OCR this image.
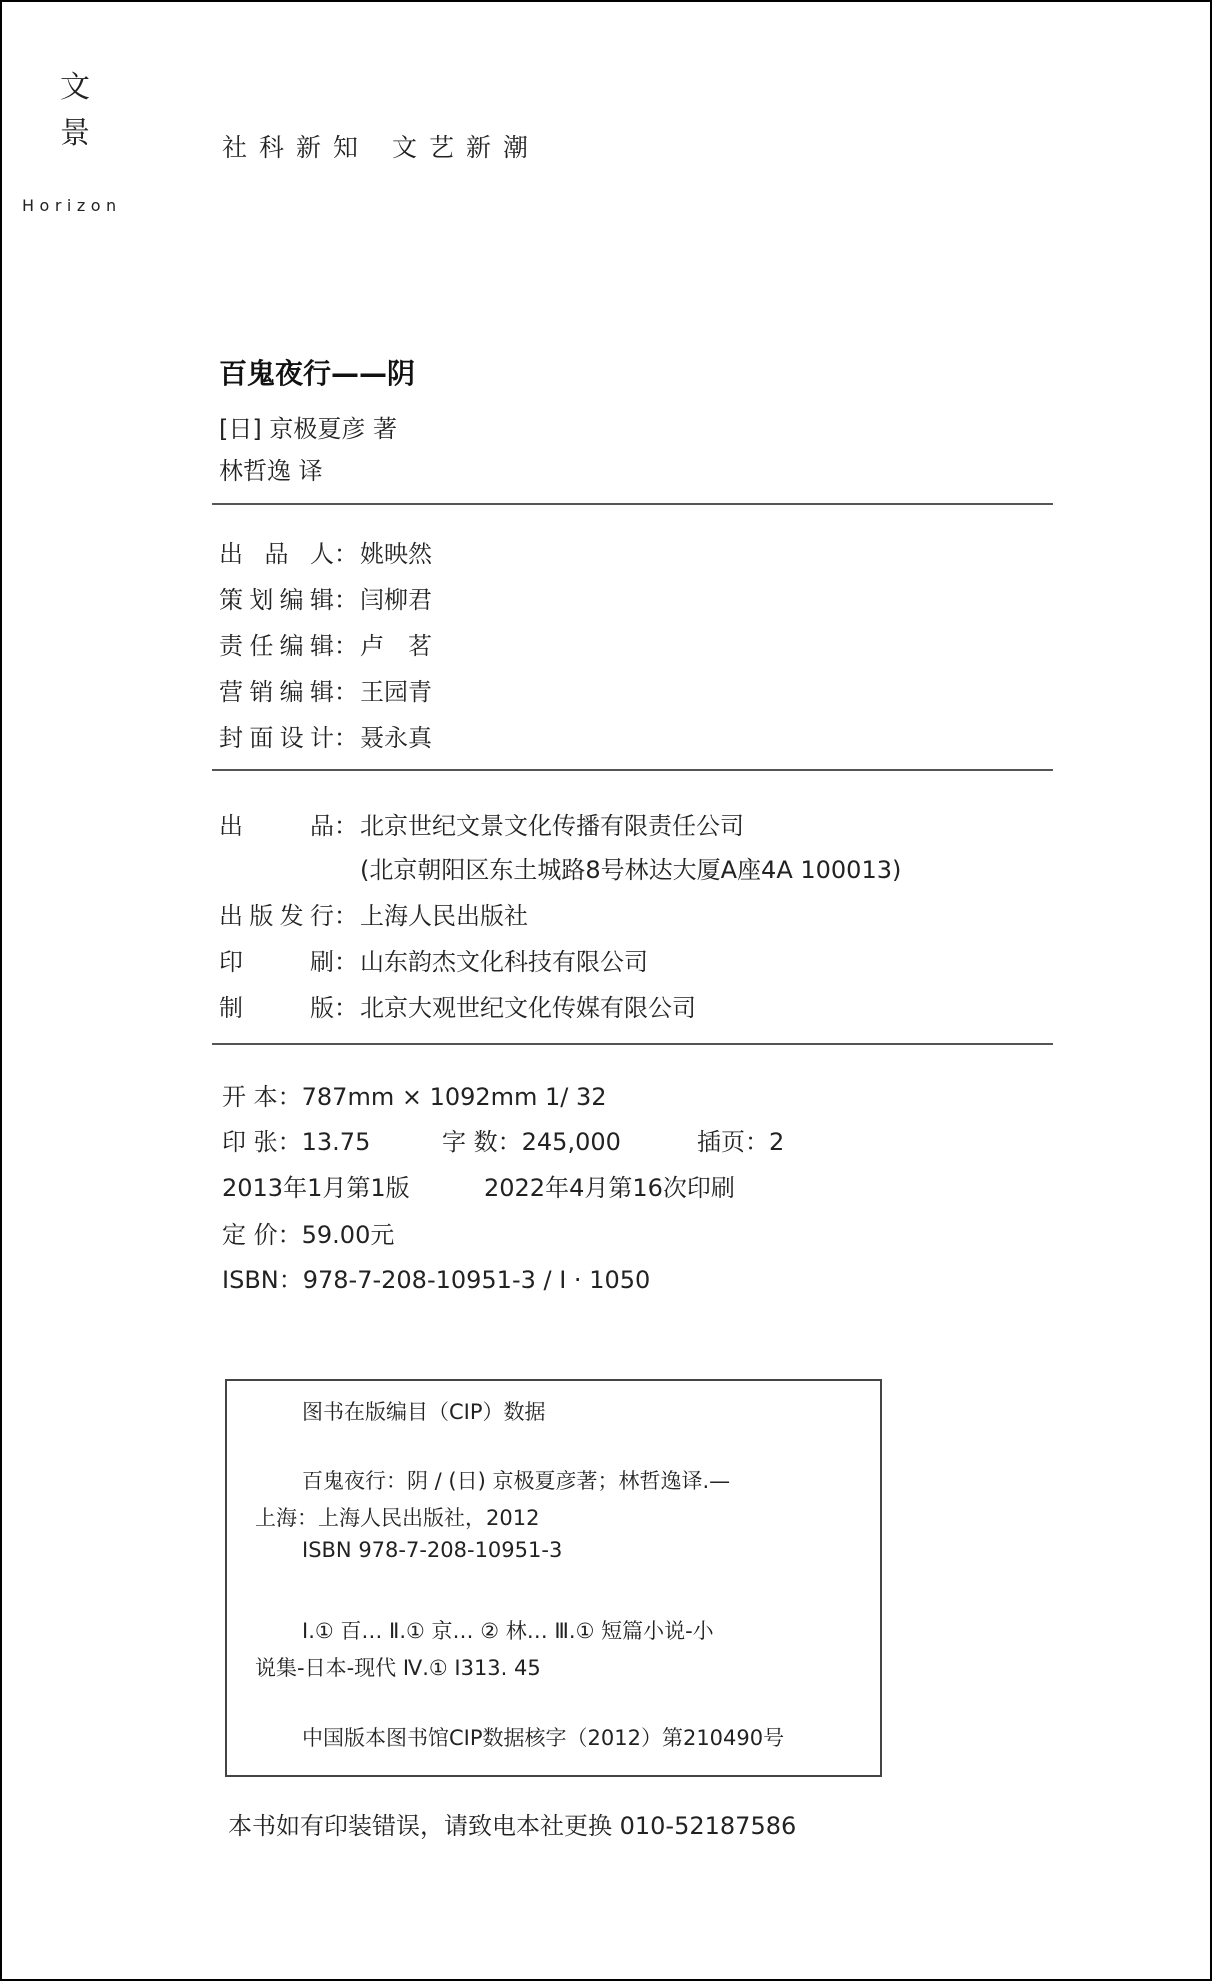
文
景
Horizon
社科新知 文艺新潮
百鬼夜行——阴
[日] 京极夏彦 著
林哲逸 译
出 品 人 ： 姚映然
策划编辑 ： 闫柳君
责任编辑 ： 卢　茗
营销编辑 ： 王园青
封面设计 ： 聂永真
出　　品 ： 北京世纪文景文化传播有限责任公司
(北京朝阳区东土城路8号林达大厦A座4A 100013)
出版发行 ： 上海人民出版社
印　　刷 ： 山东韵杰文化科技有限公司
制　　版 ： 北京大观世纪文化传媒有限公司
开 本：787mm × 1092mm 1/ 32
印 张：13.75	字 数：245,000	插页：2
2013年1月第1版	2022年4月第16次印刷
定 价：59.00元
ISBN：978-7-208-10951-3 / I · 1050
图书在版编目（CIP）数据
百鬼夜行：阴 / (日) 京极夏彦著；林哲逸译.—
上海：上海人民出版社，2012
ISBN 978-7-208-10951-3
Ⅰ.① 百… Ⅱ.① 京… ② 林… Ⅲ.① 短篇小说-小
说集-日本-现代 Ⅳ.① I313. 45
中国版本图书馆CIP数据核字（2012）第210490号
本书如有印装错误，请致电本社更换 010-52187586
